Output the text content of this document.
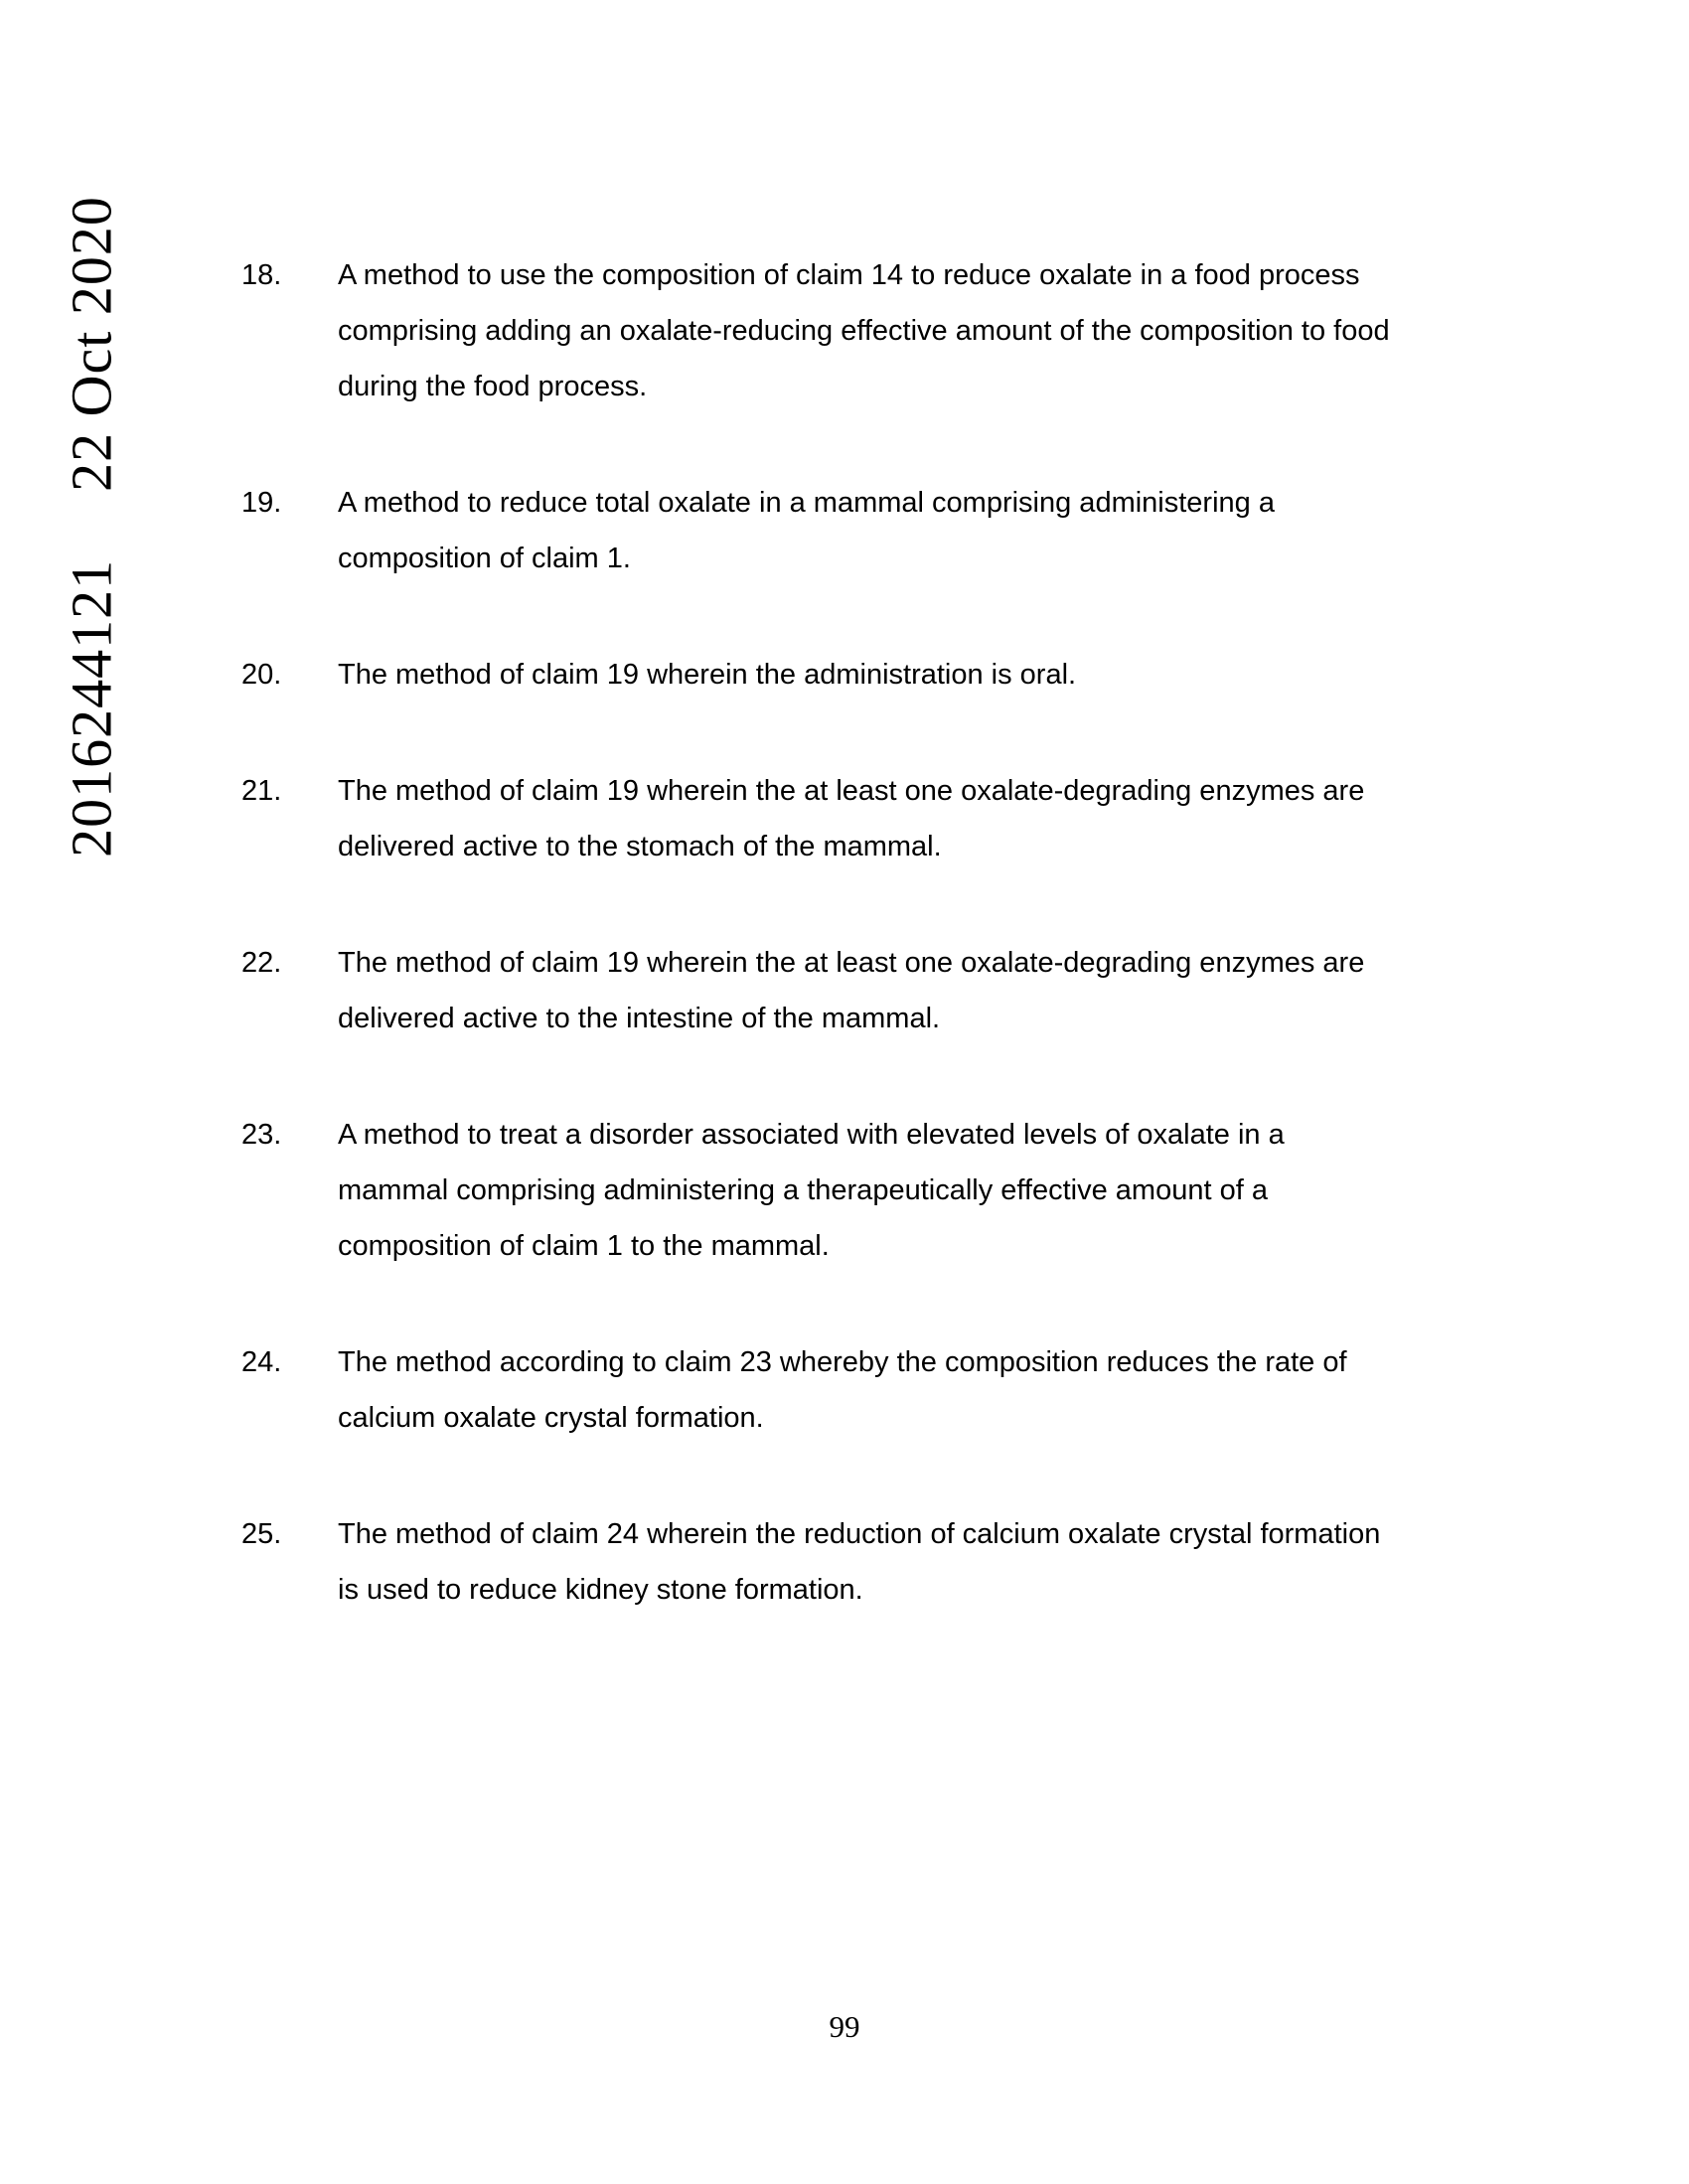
201624412122 Oct 2020	18.	A method to use the composition of claim 14 to reduce oxalate in a food process comprising adding an oxalate-reducing effective amount of the composition to food during the food process.
19.	A method to reduce total oxalate in a mammal comprising administering a composition of claim 1.
20.	The method of claim 19 wherein the administration is oral.
21.	The method of claim 19 wherein the at least one oxalate-degrading enzymes are delivered active to the stomach of the mammal.
22.	The method of claim 19 wherein the at least one oxalate-degrading enzymes are delivered active to the intestine of the mammal.
23.	A method to treat a disorder associated with elevated levels of oxalate in a mammal comprising administering a therapeutically effective amount of a composition of claim 1 to the mammal.
24.	The method according to claim 23 whereby the composition reduces the rate of calcium oxalate crystal formation.
25.	The method of claim 24 wherein the reduction of calcium oxalate crystal formation is used to reduce kidney stone formation.
99
